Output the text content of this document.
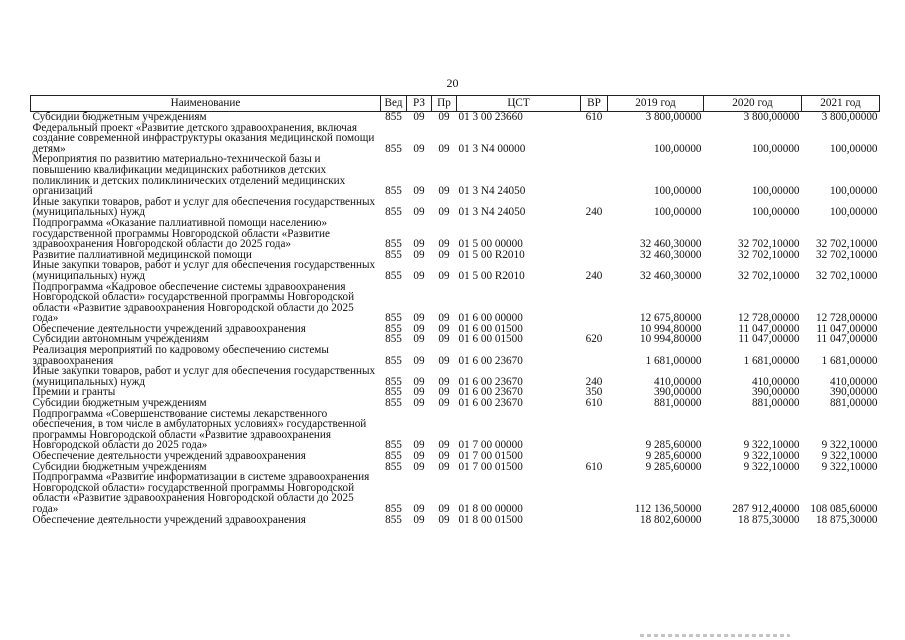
20
Наименование	Вед	РЗ	Пр	ЦСТ	ВР	2019 год	2020 год	2021 год
Субсидии бюджетным учреждениям	855	09	09	01 3 00 23660	610	3 800,00000	3 800,00000	3 800,00000
Федеральный проект «Развитие детского здравоохранения, включая создание современной инфраструктуры оказания медицинской помощи детям»	855	09	09	01 3 N4 00000		100,00000	100,00000	100,00000
Мероприятия по развитию материально-технической базы и повышению квалификации медицинских работников детских поликлиник и детских поликлинических отделений медицинских организаций	855	09	09	01 3 N4 24050		100,00000	100,00000	100,00000
Иные закупки товаров, работ и услуг для обеспечения государственных (муниципальных) нужд	855	09	09	01 3 N4 24050	240	100,00000	100,00000	100,00000
Подпрограмма «Оказание паллиативной помощи населению» государственной программы Новгородской области «Развитие здравоохранения Новгородской области до 2025 года»	855	09	09	01 5 00 00000		32 460,30000	32 702,10000	32 702,10000
Развитие паллиативной медицинской помощи	855	09	09	01 5 00 R2010		32 460,30000	32 702,10000	32 702,10000
Иные закупки товаров, работ и услуг для обеспечения государственных (муниципальных) нужд	855	09	09	01 5 00 R2010	240	32 460,30000	32 702,10000	32 702,10000
Подпрограмма «Кадровое обеспечение системы здравоохранения Новгородской области» государственной программы Новгородской области «Развитие здравоохранения Новгородской области до 2025 года»	855	09	09	01 6 00 00000		12 675,80000	12 728,00000	12 728,00000
Обеспечение деятельности учреждений здравоохранения	855	09	09	01 6 00 01500		10 994,80000	11 047,00000	11 047,00000
Субсидии автономным учреждениям	855	09	09	01 6 00 01500	620	10 994,80000	11 047,00000	11 047,00000
Реализация мероприятий по кадровому обеспечению системы здравоохранения	855	09	09	01 6 00 23670		1 681,00000	1 681,00000	1 681,00000
Иные закупки товаров, работ и услуг для обеспечения государственных (муниципальных) нужд	855	09	09	01 6 00 23670	240	410,00000	410,00000	410,00000
Премии и гранты	855	09	09	01 6 00 23670	350	390,00000	390,00000	390,00000
Субсидии бюджетным учреждениям	855	09	09	01 6 00 23670	610	881,00000	881,00000	881,00000
Подпрограмма «Совершенствование системы лекарственного обеспечения, в том числе в амбулаторных условиях» государственной программы Новгородской области «Развитие здравоохранения Новгородской области до 2025 года»	855	09	09	01 7 00 00000		9 285,60000	9 322,10000	9 322,10000
Обеспечение деятельности учреждений здравоохранения	855	09	09	01 7 00 01500		9 285,60000	9 322,10000	9 322,10000
Субсидии бюджетным учреждениям	855	09	09	01 7 00 01500	610	9 285,60000	9 322,10000	9 322,10000
Подпрограмма «Развитие информатизации в системе здравоохранения Новгородской области» государственной программы Новгородской области «Развитие здравоохранения Новгородской области до 2025 года»	855	09	09	01 8 00 00000		112 136,50000	287 912,40000	108 085,60000
Обеспечение деятельности учреждений здравоохранения	855	09	09	01 8 00 01500		18 802,60000	18 875,30000	18 875,30000
